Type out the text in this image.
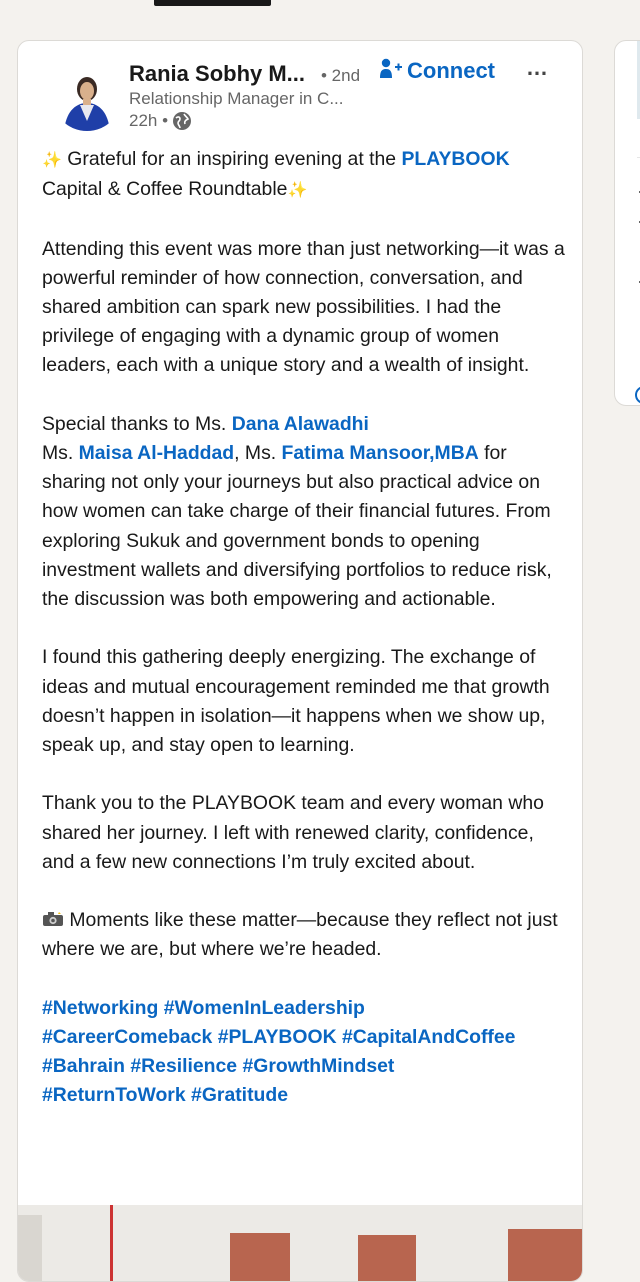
Rania Sobhy M... • 2nd
Relationship Manager in C...
22h •
Connect …

✨ Grateful for an inspiring evening at the PLAYBOOK
Capital & Coffee Roundtable✨

Attending this event was more than just networking—it was a powerful reminder of how connection, conversation, and shared ambition can spark new possibilities. I had the privilege of engaging with a dynamic group of women leaders, each with a unique story and a wealth of insight.

Special thanks to Ms. Dana Alawadhi
Ms. Maisa Al-Haddad, Ms. Fatima Mansoor,MBA for sharing not only your journeys but also practical advice on how women can take charge of their financial futures. From exploring Sukuk and government bonds to opening investment wallets and diversifying portfolios to reduce risk, the discussion was both empowering and actionable.

I found this gathering deeply energizing. The exchange of ideas and mutual encouragement reminded me that growth doesn’t happen in isolation—it happens when we show up, speak up, and stay open to learning.

Thank you to the PLAYBOOK team and every woman who shared her journey. I left with renewed clarity, confidence, and a few new connections I’m truly excited about.

Moments like these matter—because they reflect not just where we are, but where we’re headed.

#Networking #WomenInLeadership
#CareerComeback #PLAYBOOK #CapitalAndCoffee
#Bahrain #Resilience #GrowthMindset
#ReturnToWork #Gratitude
